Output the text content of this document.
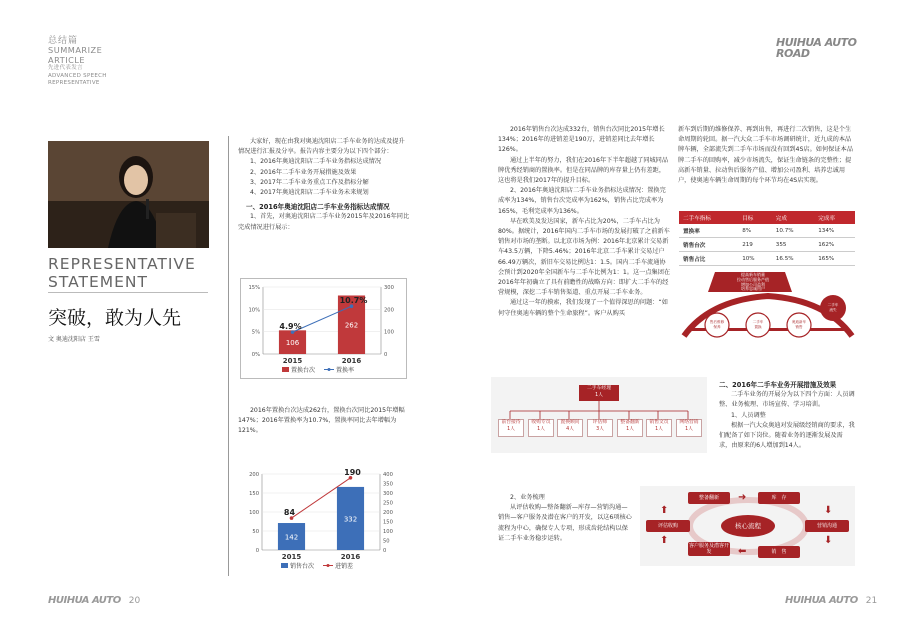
总结篇
SUMMARIZE
ARTICLE
先进代表发言
ADVANCED SPEECH
REPRESENTATIVE
HUIHUA AUTO
ROAD
REPRESENTATIVE
STATEMENT
突破，敢为人先
文 奥迪沈阳店 王雪
大家好，现在由我对奥迪沈阳店二手车业务的达成及提升情况进行汇报及分享。报告内容主要分为以下四个部分：
1、2016年奥迪沈阳店二手车业务指标达成情况
2、2016年二手车业务开展措施及效果
3、2017年二手车业务重点工作及指标分解
4、2017年奥迪沈阳店二手车业务未来规划
一、2016年奥迪沈阳店二手车业务指标达成情况
1、首先，对奥迪沈阳店二手车业务2015年及2016年同比完成情况进行展示：
0%
5%
10%
15%
0
100
200
300
2015
106
2016
262
4.9%
10.7%
置换台次	置换率
2016年置换台次达成262台，置换台次同比2015年增幅147%；2016年置换率为10.7%，置换率同比去年增幅为121%。
0
50
100
150
200
0
50
100
150
200
250
300
350
400
2015
142
2016
332
84
190
销售台次	进销差
2016年销售台次达成332台，销售台次同比2015年增长134%；2016年的进销差是190万，进销差同比去年增长126%。
通过上半年的努力，我们在2016年下半年超越了同城同品牌优秀经销商的置换率。但是在同品牌的库存量上仍有差距，这也将是我们2017年的提升目标。
2、2016年奥迪沈阳店二手车业务指标达成情况：置换完成率为134%，销售台次完成率为162%，销售占比完成率为165%，毛利完成率为136%。
早在欧美及发达国家，新车占比为20%，二手车占比为80%。据统计，2016年国内二手车市场的发展打破了之前新车销售对市场的垄断。以北京市场为例：2016年北京累计交易新车43.5万辆，下降5.46%；2016年北京二手车累计交易过户66.49万辆次，新旧车交易比例达1：1.5。国内二手车流通协会预计到2020年全国新车与二手车比例为1：1。这一点集团在2016年年初确立了具有前瞻性的战略方向：即扩大二手车的经营规模，深挖二手车销售渠道、重点开展二手车业务。
通过这一年的摸索，我们发现了一个值得深思的问题：“如何守住奥迪车辆的整个生命旅程”。客户从购买
新车到后期的维修保养、再到出售，再进行二次销售，这是个生命周期的轮回。据一汽大众二手车市场调研统计，近九成的本品牌车辆，全部流失到二手车市场而没有回到4S店。如何保证本品牌二手车的回购率，减少市场流失，保证生命链条的完整性；提高新车销量、拉动售后服务产值、增加公司盈利、培养忠诚用户，使奥迪车辆生命周期的每个环节均在4S店实现。
二手车指标	目标	完成	完成率
置换率	8%	10.7%	134%
销售台次	219	355	162%
销售占比	10%	16.5%	165%
提高新车销量
拉动售后服务产值
增加公司盈利
培养忠诚用户
售后维修
保养
二手车
置换
奥迪新车
销售
二手车
流失
二手车经理
1人
前台接待
1人
收购专员
1人
置换顾问
4人
评估师
3人
整备翻新
1人
销售文员
1人
网络营销
1人
二、2016年二手车业务开展措施及效果
二手车业务的开展分为以下四个方面：人员调整、业务梳理、市场宣传、学习培训。
1、人员调整
根据一汽大众奥迪对发展级经销商的要求，我们配备了如下岗位。随着业务的逐渐发展及需求，由原来的6人增加到14人。
2、业务梳理
从评估收购—整备翻新—库存—营销沟通—销售—客户服务及潜在客户的开发，以这6项核心流程为中心，确保专人专项，形成齿轮结构以保证二手车业务稳步运转。
核心流程
整备翻新	库　存
营销沟通
销　售
客户服务及潜客开发
评估收购
➜
⬇
⬇
⬅
⬆
⬆
HUIHUA AUTO 20	HUIHUA AUTO 21
